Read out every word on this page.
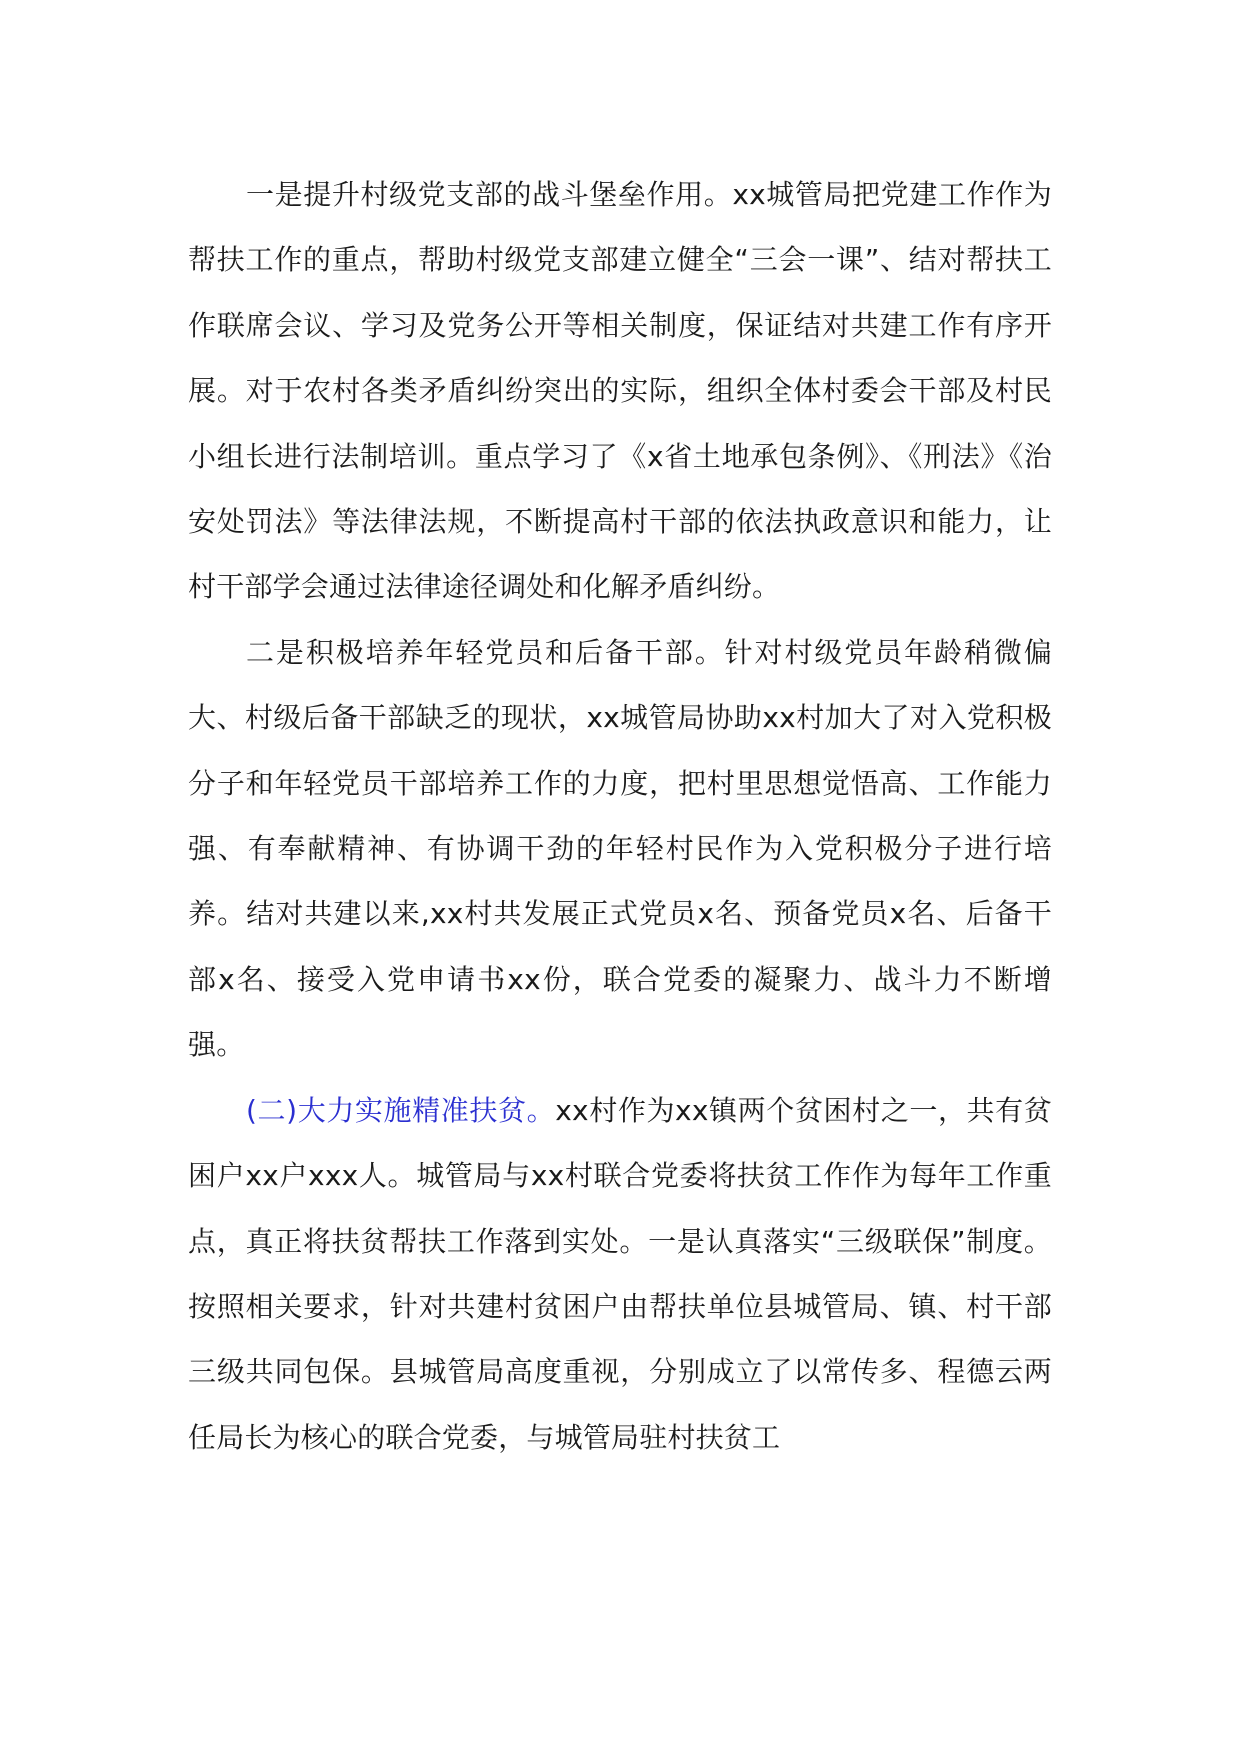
一是提升村级党支部的战斗堡垒作用。xx城管局把党建工作作为帮扶工作的重点，帮助村级党支部建立健全“三会一课”、结对帮扶工作联席会议、学习及党务公开等相关制度，保证结对共建工作有序开展。对于农村各类矛盾纠纷突出的实际，组织全体村委会干部及村民小组长进行法制培训。重点学习了《x省土地承包条例》、《刑法》《治安处罚法》等法律法规，不断提高村干部的依法执政意识和能力，让村干部学会通过法律途径调处和化解矛盾纠纷。

二是积极培养年轻党员和后备干部。针对村级党员年龄稍微偏大、村级后备干部缺乏的现状，xx城管局协助xx村加大了对入党积极分子和年轻党员干部培养工作的力度，把村里思想觉悟高、工作能力强、有奉献精神、有协调干劲的年轻村民作为入党积极分子进行培养。结对共建以来,xx村共发展正式党员x名、预备党员x名、后备干部x名、接受入党申请书xx份，联合党委的凝聚力、战斗力不断增强。

(二)大力实施精准扶贫。xx村作为xx镇两个贫困村之一，共有贫困户xx户xxx人。城管局与xx村联合党委将扶贫工作作为每年工作重点，真正将扶贫帮扶工作落到实处。一是认真落实“三级联保”制度。按照相关要求，针对共建村贫困户由帮扶单位县城管局、镇、村干部三级共同包保。县城管局高度重视，分别成立了以常传多、程德云两任局长为核心的联合党委，与城管局驻村扶贫工
